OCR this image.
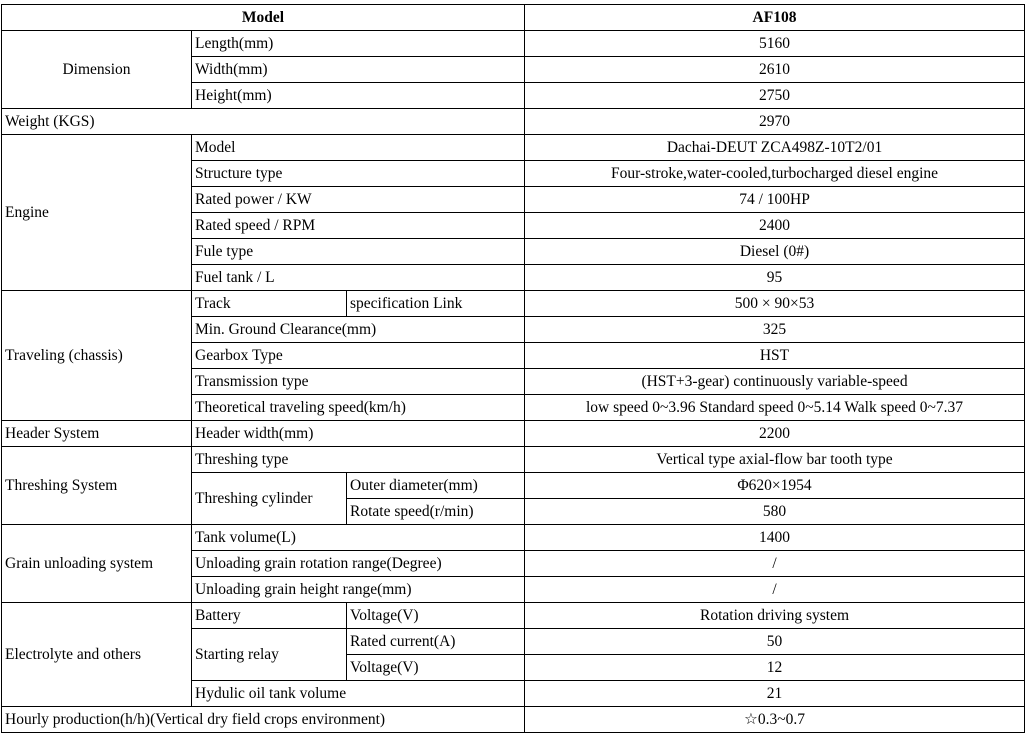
Model			AF108
Dimension	Length(mm)		5160
	Width(mm)		2610
	Height(mm)		2750
Weight (KGS)			2970
Engine	Model		Dachai-DEUT ZCA498Z-10T2/01
	Structure type		Four-stroke,water-cooled,turbocharged diesel engine
	Rated power / KW		74 / 100HP
	Rated speed / RPM		2400
	Fule type		Diesel (0#)
	Fuel tank / L		95
Traveling (chassis)	Track	specification Link	500 × 90×53
	Min. Ground Clearance(mm)		325
	Gearbox Type		HST
	Transmission type		(HST+3-gear) continuously variable-speed
	Theoretical traveling speed(km/h)		low speed 0~3.96 Standard speed 0~5.14 Walk speed 0~7.37
Header System	Header width(mm)		2200
Threshing System	Threshing type		Vertical type axial-flow bar tooth type
	Threshing cylinder	Outer diameter(mm)	Φ620×1954
		Rotate speed(r/min)	580
Grain unloading system	Tank volume(L)		1400
	Unloading grain rotation range(Degree)		/
	Unloading grain height range(mm)		/
Electrolyte and others	Battery	Voltage(V)	Rotation driving system
	Starting relay	Rated current(A)	50
		Voltage(V)	12
	Hydulic oil tank volume		21
Hourly production(h/h)(Vertical dry field crops environment)			☆0.3~0.7
